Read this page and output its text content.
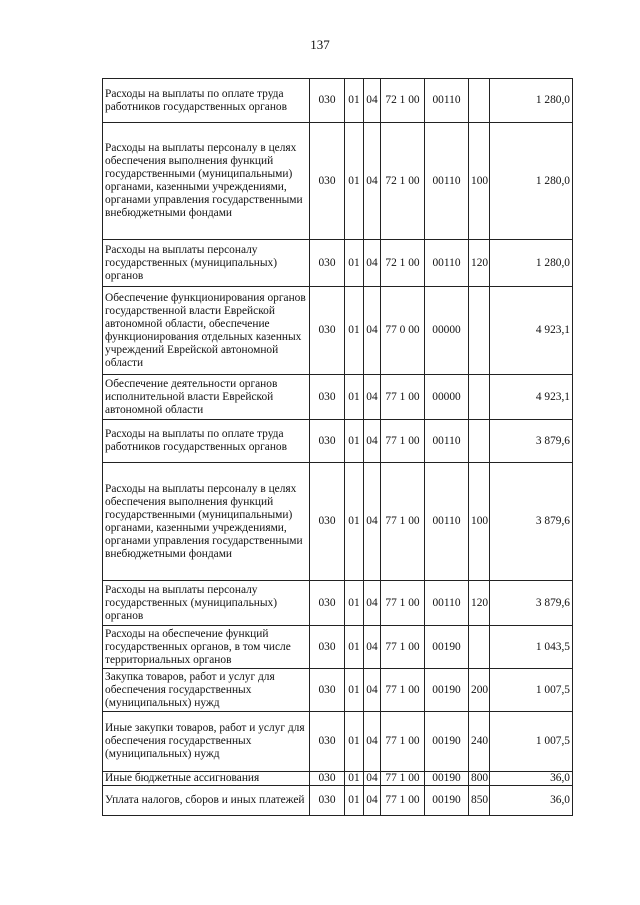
137
Расходы на выплаты по оплате труда работников государственных органов	030	01	04	72 1 00	00110		1 280,0
Расходы на выплаты персоналу в целях обеспечения выполнения функций государственными (муниципальными) органами, казенными учреждениями, органами управления государственными внебюджетными фондами	030	01	04	72 1 00	00110	100	1 280,0
Расходы на выплаты персоналу государственных (муниципальных) органов	030	01	04	72 1 00	00110	120	1 280,0
Обеспечение функционирования органов государственной власти Еврейской автономной области, обеспечение функционирования отдельных казенных учреждений Еврейской автономной области	030	01	04	77 0 00	00000		4 923,1
Обеспечение деятельности органов исполнительной власти Еврейской автономной области	030	01	04	77 1 00	00000		4 923,1
Расходы на выплаты по оплате труда работников государственных органов	030	01	04	77 1 00	00110		3 879,6
Расходы на выплаты персоналу в целях обеспечения выполнения функций государственными (муниципальными) органами, казенными учреждениями, органами управления государственными внебюджетными фондами	030	01	04	77 1 00	00110	100	3 879,6
Расходы на выплаты персоналу государственных (муниципальных) органов	030	01	04	77 1 00	00110	120	3 879,6
Расходы на обеспечение функций государственных органов, в том числе территориальных органов	030	01	04	77 1 00	00190		1 043,5
Закупка товаров, работ и услуг для обеспечения государственных (муниципальных) нужд	030	01	04	77 1 00	00190	200	1 007,5
Иные закупки товаров, работ и услуг для обеспечения государственных (муниципальных) нужд	030	01	04	77 1 00	00190	240	1 007,5
Иные бюджетные ассигнования	030	01	04	77 1 00	00190	800	36,0
Уплата налогов, сборов и иных платежей	030	01	04	77 1 00	00190	850	36,0
